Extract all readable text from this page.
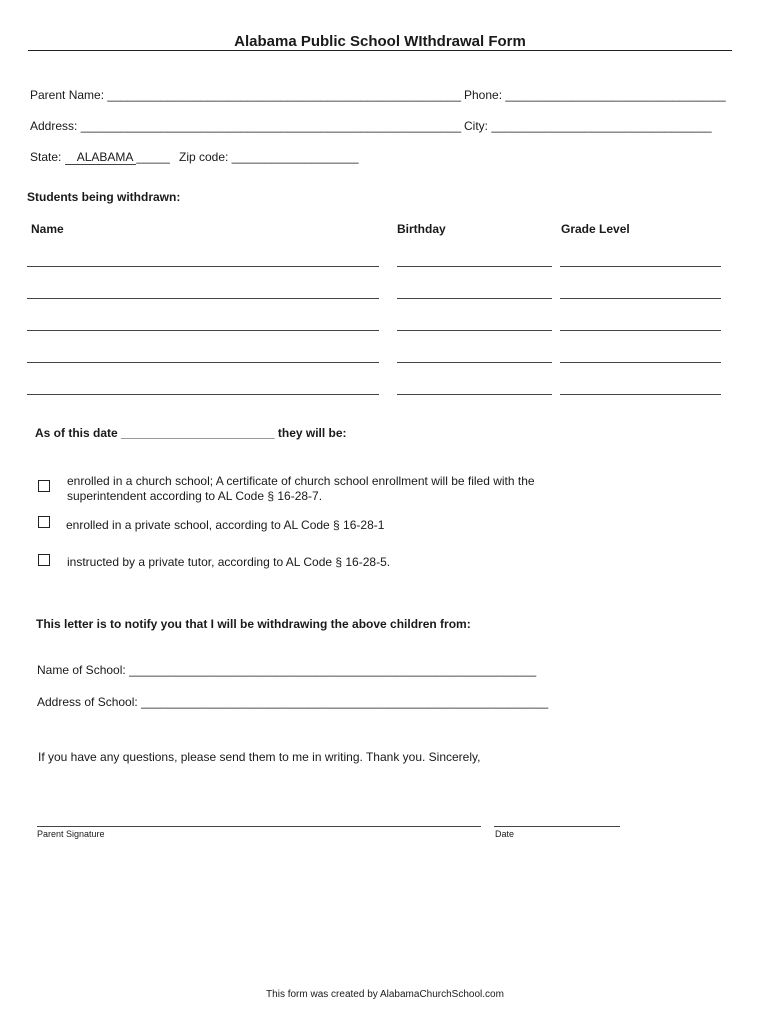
Alabama Public School WIthdrawal Form
Parent Name: _____________________________________________________ Phone: _________________________________
Address: _________________________________________________________ City: _________________________________
State: ALABAMA _____ Zip code: ___________________
Students being withdrawn:
Name	Birthday	Grade Level
As of this date _______________________ they will be:
enrolled in a church school; A certificate of church school enrollment will be filed with the
superintendent according to AL Code § 16-28-7.
enrolled in a private school, according to AL Code § 16-28-1
instructed by a private tutor, according to AL Code § 16-28-5.
This letter is to notify you that I will be withdrawing the above children from:
Name of School: _____________________________________________________________
Address of School: _____________________________________________________________
If you have any questions, please send them to me in writing. Thank you. Sincerely,
Parent Signature	Date
This form was created by AlabamaChurchSchool.com
